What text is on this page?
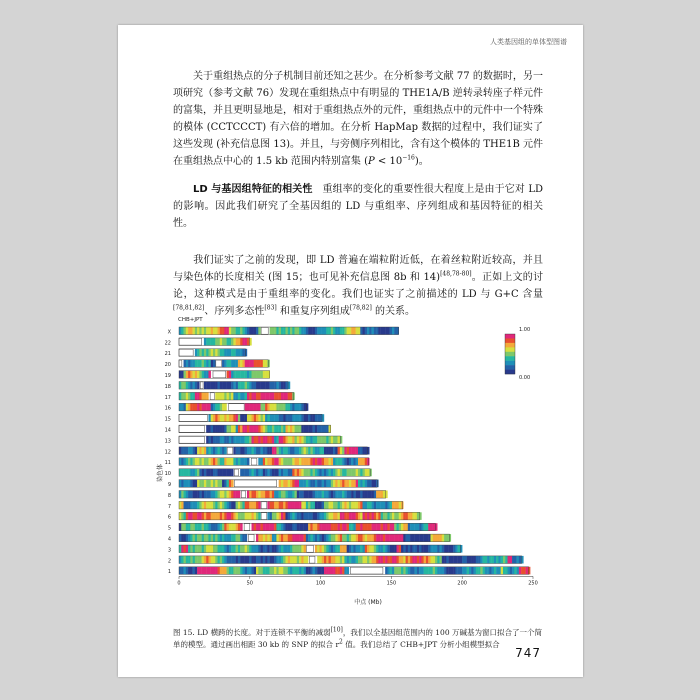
人类基因组的单体型图谱

关于重组热点的分子机制目前还知之甚少。在分析参考文献 77 的数据时，另一项研究（参考文献 76）发现在重组热点中有明显的 THE1A/B 逆转录转座子样元件的富集，并且更明显地是，相对于重组热点外的元件，重组热点中的元件中一个特殊的模体 (CCTCCCT) 有六倍的增加。在分析 HapMap 数据的过程中，我们证实了这些发现 (补充信息图 13)。并且，与旁侧序列相比，含有这个模体的 THE1B 元件在重组热点中心的 1.5 kb 范围内特别富集 $(P < 10^{-16})$。

LD 与基因组特征的相关性 重组率的变化的重要性很大程度上是由于它对 LD 的影响。因此我们研究了全基因组的 LD 与重组率、序列组成和基因特征的相关性。

我们证实了之前的发现，即 LD 普遍在端粒附近低，在着丝粒附近较高，并且与染色体的长度相关 (图 15；也可见补充信息图 8b 和 14)[48,78-80]。正如上文的讨论，这种模式是由于重组率的变化。我们也证实了之前描述的 LD 与 G+C 含量[78,81,82]、序列多态性[83] 和重复序列组成[78,82] 的关系。

CHB+JPT
染色体
中点 (Mb)
X
22
21
20
19
18
17
16
15
14
13
12
11
10
9
8
7
6
5
4
3
2
1
0	50	100	150	200	250
1.00
0.00

图 15. LD 横跨的长度。对于连锁不平衡的减弱[10]，我们以全基因组范围内的 100 万碱基为窗口拟合了一个简单的模型。通过画出相距 30 kb 的 SNP 的拟合 $r^2$ 值。我们总结了 CHB+JPT 分析小组模型拟合

747
